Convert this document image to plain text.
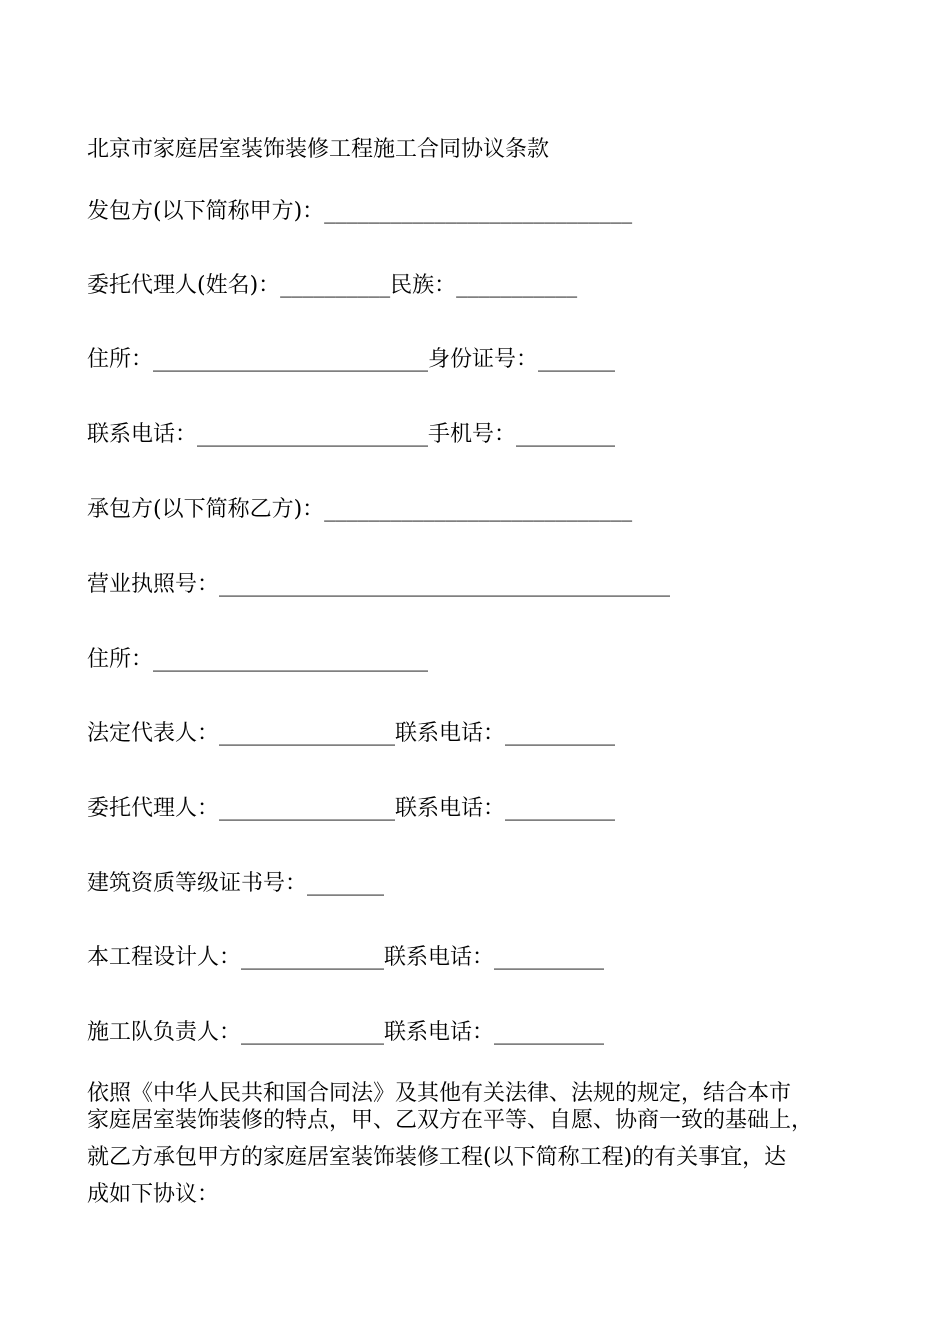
北京市家庭居室装饰装修工程施工合同协议条款
发包方(以下简称甲方)：____________________________
委托代理人(姓名)：__________民族：___________
住所：_________________________身份证号：_______
联系电话：_____________________手机号：_________
承包方(以下简称乙方)：____________________________
营业执照号：_________________________________________
住所：_________________________
法定代表人：________________联系电话：__________
委托代理人：________________联系电话：__________
建筑资质等级证书号：_______
本工程设计人：_____________联系电话：__________
施工队负责人：_____________联系电话：__________
依照《中华人民共和国合同法》及其他有关法律、法规的规定，结合本市
家庭居室装饰装修的特点，甲、乙双方在平等、自愿、协商一致的基础上，
就乙方承包甲方的家庭居室装饰装修工程(以下简称工程)的有关事宜，达
成如下协议：
